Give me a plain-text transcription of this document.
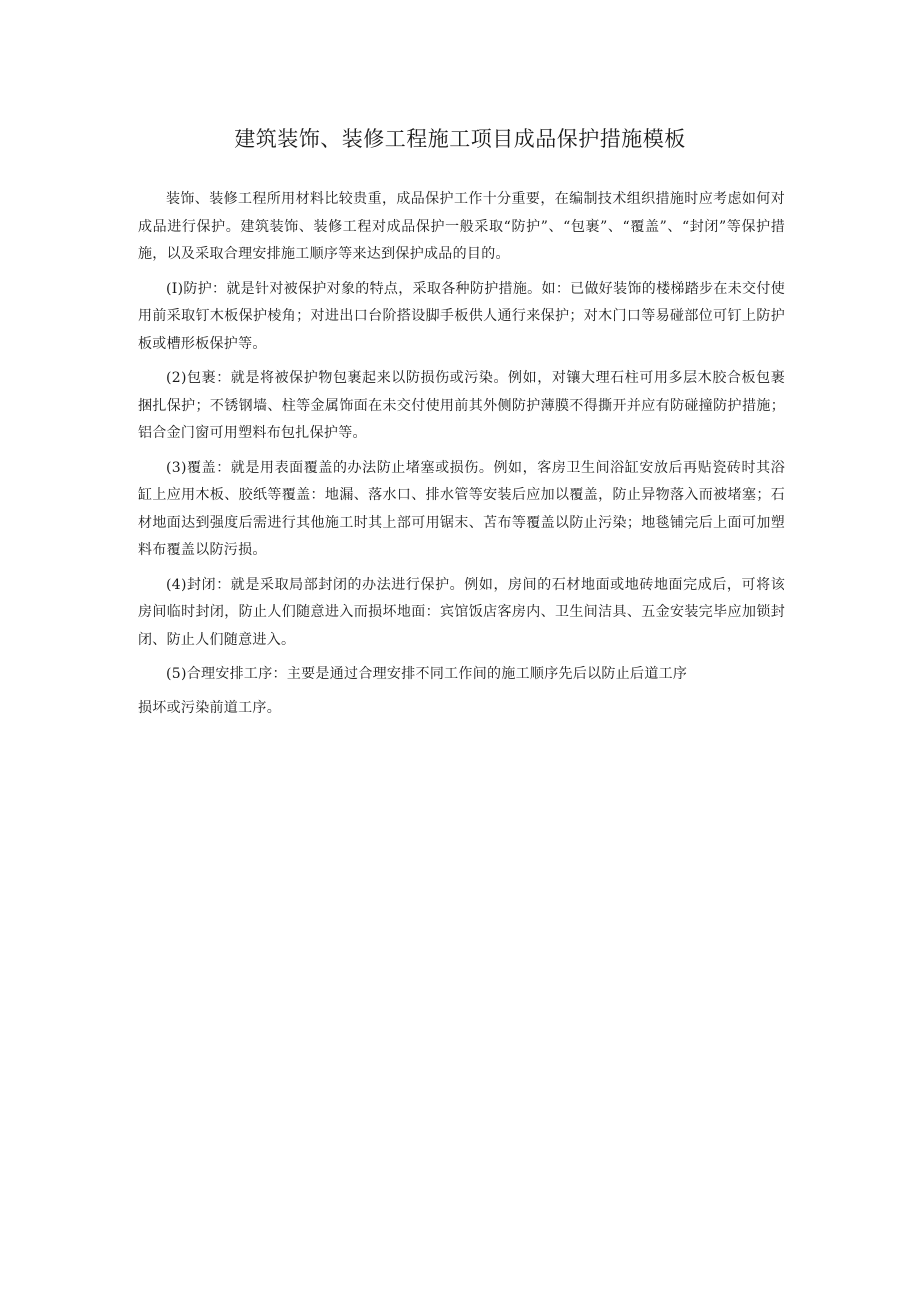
建筑装饰、装修工程施工项目成品保护措施模板

装饰、装修工程所用材料比较贵重，成品保护工作十分重要，在编制技术组织措施时应考虑如何对成品进行保护。建筑装饰、装修工程对成品保护一般采取“防护”、“包裹”、“覆盖”、“封闭”等保护措施，以及采取合理安排施工顺序等来达到保护成品的目的。

(I)防护：就是针对被保护对象的特点，采取各种防护措施。如：已做好装饰的楼梯踏步在未交付使用前采取钉木板保护棱角；对进出口台阶搭设脚手板供人通行来保护；对木门口等易碰部位可钉上防护板或槽形板保护等。

(2)包裹：就是将被保护物包裹起来以防损伤或污染。例如，对镶大理石柱可用多层木胶合板包裹捆扎保护；不锈钢墙、柱等金属饰面在未交付使用前其外侧防护薄膜不得撕开并应有防碰撞防护措施；铝合金门窗可用塑料布包扎保护等。

(3)覆盖：就是用表面覆盖的办法防止堵塞或损伤。例如，客房卫生间浴缸安放后再贴瓷砖时其浴缸上应用木板、胶纸等覆盖：地漏、落水口、排水管等安装后应加以覆盖，防止异物落入而被堵塞；石材地面达到强度后需进行其他施工时其上部可用锯末、苫布等覆盖以防止污染；地毯铺完后上面可加塑料布覆盖以防污损。

(4)封闭：就是采取局部封闭的办法进行保护。例如，房间的石材地面或地砖地面完成后，可将该房间临时封闭，防止人们随意进入而损坏地面：宾馆饭店客房内、卫生间洁具、五金安装完毕应加锁封闭、防止人们随意进入。

(5)合理安排工序：主要是通过合理安排不同工作间的施工顺序先后以防止后道工序

损坏或污染前道工序。
